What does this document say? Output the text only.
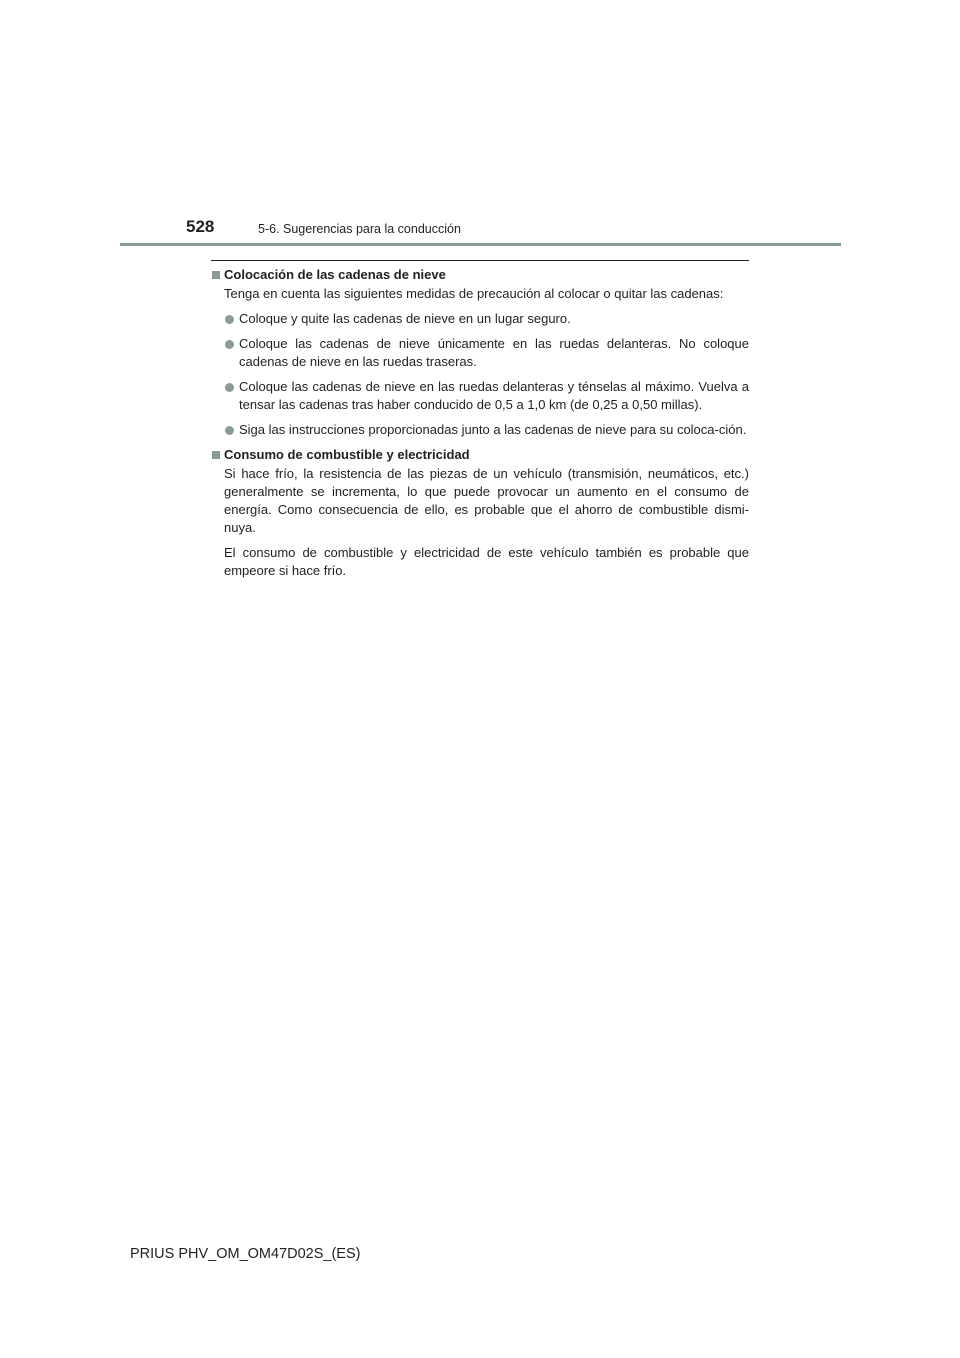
528	5-6. Sugerencias para la conducción
Colocación de las cadenas de nieve
Tenga en cuenta las siguientes medidas de precaución al colocar o quitar las cadenas:
Coloque y quite las cadenas de nieve en un lugar seguro.
Coloque las cadenas de nieve únicamente en las ruedas delanteras. No coloque cadenas de nieve en las ruedas traseras.
Coloque las cadenas de nieve en las ruedas delanteras y ténselas al máximo. Vuelva a tensar las cadenas tras haber conducido de 0,5 a 1,0 km (de 0,25 a 0,50 millas).
Siga las instrucciones proporcionadas junto a las cadenas de nieve para su coloca-ción.
Consumo de combustible y electricidad
Si hace frío, la resistencia de las piezas de un vehículo (transmisión, neumáticos, etc.) generalmente se incrementa, lo que puede provocar un aumento en el consumo de energía. Como consecuencia de ello, es probable que el ahorro de combustible dismi-nuya.
El consumo de combustible y electricidad de este vehículo también es probable que empeore si hace frío.
PRIUS PHV_OM_OM47D02S_(ES)
